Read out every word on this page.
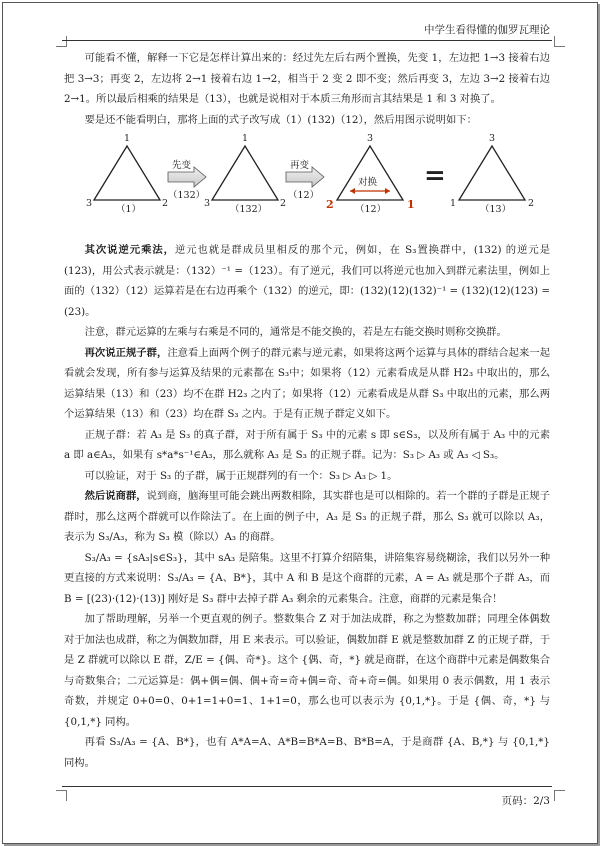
中学生看得懂的伽罗瓦理论

可能看不懂，解释一下它是怎样计算出来的：经过先左后右两个置换，先变 1，左边把 1→3 接着右边把 3→3；再变 2，左边将 2→1 接着右边 1→2，相当于 2 变 2 即不变；然后再变 3，左边 3→2 接着右边 2→1。所以最后相乘的结果是（13），也就是说相对于本质三角形而言其结果是 1 和 3 对换了。

要是还不能看明白，那将上面的式子改写成（1）(132)（12），然后用图示说明如下：

1
3	2
（1）
先变
（132）
1
3	2
（132）
再变
（12）
3
2	1
对换
（12）
=
3
1	2
（13）

其次说逆元乘法，逆元也就是群成员里相反的那个元，例如，在 S₃置换群中，(132) 的逆元是 (123)，用公式表示就是：（132）⁻¹ =（123）。有了逆元，我们可以将逆元也加入到群元素法里，例如上面的（132）（12）运算若是在右边再乘个（132）的逆元，即：(132)(12)(132)⁻¹ = (132)(12)(123) = (23)。

注意，群元运算的左乘与右乘是不同的，通常是不能交换的，若是左右能交换时则称交换群。

再次说正规子群，注意看上面两个例子的群元素与逆元素，如果将这两个运算与具体的群结合起来一起看就会发现，所有参与运算及结果的元素都在 S₃中；如果将（12）元素看成是从群 H2₃ 中取出的，那么运算结果（13）和（23）均不在群 H2₃ 之内了；如果将（12）元素看成是从群 S₃ 中取出的元素，那么两个运算结果（13）和（23）均在群 S₃ 之内。于是有正规子群定义如下。

正规子群：若 A₃ 是 S₃ 的真子群，对于所有属于 S₃ 中的元素 s 即 s∈S₃，以及所有属于 A₃ 中的元素 a 即 a∈A₃，如果有 s*a*s⁻¹∈A₃，那么就称 A₃ 是 S₃ 的正规子群。记为：S₃ ▷ A₃ 或 A₃ ◁ S₃。

可以验证，对于 S₃ 的子群，属于正规群列的有一个：S₃ ▷ A₃ ▷ 1。

然后说商群，说到商，脑海里可能会跳出两数相除，其实群也是可以相除的。若一个群的子群是正规子群时，那么这两个群就可以作除法了。在上面的例子中，A₃ 是 S₃ 的正规子群，那么 S₃ 就可以除以 A₃，表示为 S₃/A₃，称为 S₃ 模（除以）A₃ 的商群。

S₃/A₃ = {sA₃|s∈S₃}，其中 sA₃ 是陪集。这里不打算介绍陪集，讲陪集容易绕糊涂，我们以另外一种更直接的方式来说明：S₃/A₃ = {A、B*}，其中 A 和 B 是这个商群的元素，A = A₃ 就是那个子群 A₃，而 B = [(23)·(12)·(13)] 刚好是 S₃ 群中去掉子群 A₃ 剩余的元素集合。注意，商群的元素是集合！

加了帮助理解，另举一个更直观的例子。整数集合 Z 对于加法成群，称之为整数加群；同理全体偶数对于加法也成群，称之为偶数加群，用 E 来表示。可以验证，偶数加群 E 就是整数加群 Z 的正规子群，于是 Z 群就可以除以 E 群，Z/E = {偶、奇*}。这个 {偶、奇，*} 就是商群，在这个商群中元素是偶数集合与奇数集合；二元运算是：偶+偶=偶、偶+奇=奇+偶=奇、奇+奇=偶。如果用 0 表示偶数，用 1 表示奇数，并规定 0+0=0、0+1=1+0=1、1+1=0，那么也可以表示为 {0,1,*}。于是 {偶、奇，*} 与 {0,1,*} 同构。

再看 S₃/A₃ = {A、B*}，也有 A*A=A、A*B=B*A=B、B*B=A，于是商群 {A、B,*} 与 {0,1,*} 同构。

页码：2/3
